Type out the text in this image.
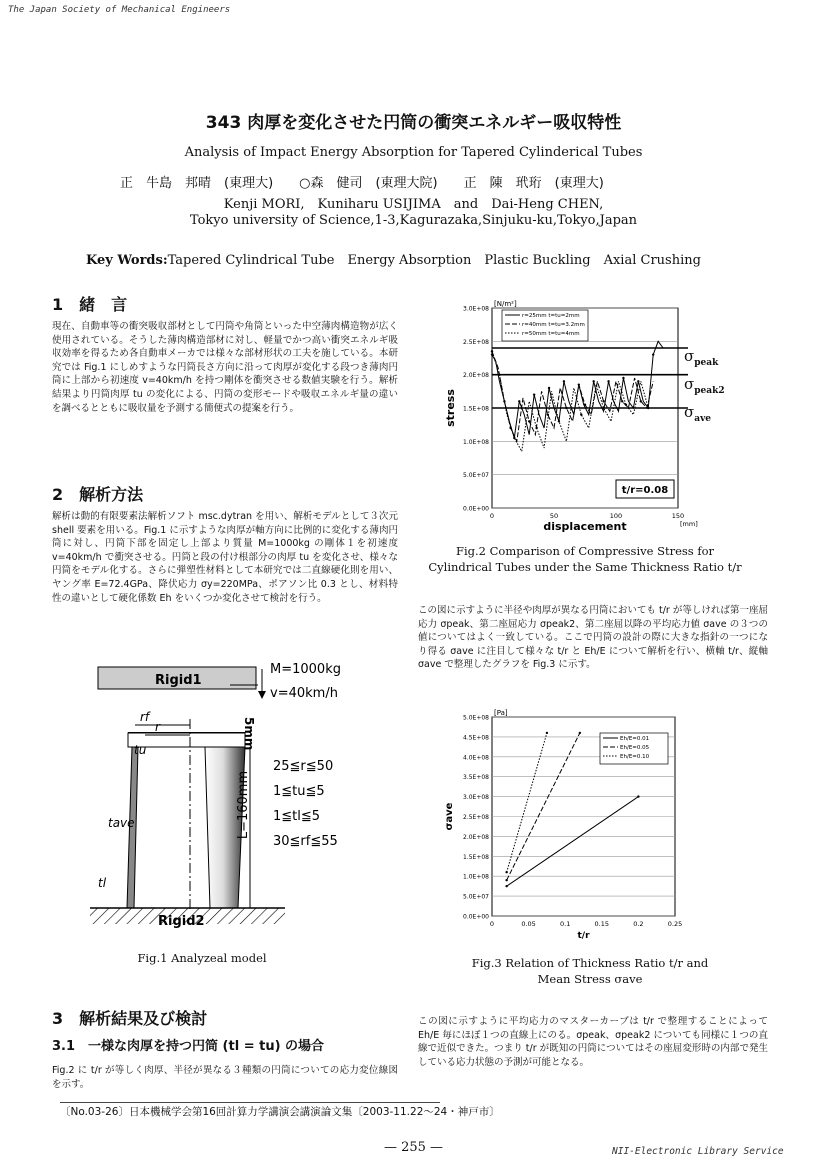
The Japan Society of Mechanical Engineers
343 肉厚を変化させた円筒の衝突エネルギー吸収特性
Analysis of Impact Energy Absorption for Tapered Cylinderical Tubes
正　牛島　邦晴　(東理大)　　○森　健司　(東理大院)　　正　陳　玳珩　(東理大)
Kenji MORI,　Kuniharu USIJIMA　and　Dai-Heng CHEN,
Tokyo university of Science,1-3,Kagurazaka,Sinjuku-ku,Tokyo,Japan
Key Words:Tapered Cylindrical Tube　Energy Absorption　Plastic Buckling　Axial Crushing
1　緒　言
現在、自動車等の衝突吸収部材として円筒や角筒といった中空薄肉構造物が広く使用されている。そうした薄肉構造部材に対し、軽量でかつ高い衝突エネルギ吸収効率を得るため各自動車メーカでは様々な部材形状の工夫を施している。本研究では Fig.1 にしめすような円筒長さ方向に沿って肉厚が変化する段つき薄肉円筒に上部から初速度 v=40km/h を持つ剛体を衝突させる数値実験を行う。解析結果より円筒肉厚 tu の変化による、円筒の変形モードや吸収エネルギ量の違いを調べるとともに吸収量を予測する簡便式の提案を行う。
2　解析方法
解析は動的有限要素法解析ソフト msc.dytran を用い、解析モデルとして３次元 shell 要素を用いる。Fig.1 に示すような肉厚が軸方向に比例的に変化する薄肉円筒に対し、円筒下部を固定し上部より質量 M=1000kg の剛体１を初速度 v=40km/h で衝突させる。円筒と段の付け根部分の肉厚 tu を変化させ、様々な円筒をモデル化する。さらに弾塑性材料として本研究では二直線硬化則を用い、ヤング率 E=72.4GPa、降伏応力 σy=220MPa、ポアソン比 0.3 とし、材料特性の違いとして硬化係数 Eh をいくつか変化させて検討を行う。
Rigid1
M=1000kg
v=40km/h
rf
r
tu	5mm
L=160mm
tave
tl
25≦r≦50
1≦tu≦5
1≦tl≦5
30≦rf≦55
Rigid2
Fig.1 Analyzeal model
3　解析結果及び検討
3.1　一様な肉厚を持つ円筒 (tl = tu) の場合
Fig.2 に t/r が等しく肉厚、半径が異なる３種類の円筒についての応力変位線図を示す。
0.0E+00
5.0E+07
1.0E+08
1.5E+08
2.0E+08
2.5E+08
3.0E+08
0	50	100	150
displacement
stress
[N/m²]
[mm]
r=25mm t=tu=2mm
r=40mm t=tu=3.2mm
r=50mm t=tu=4mm
t/r=0.08
$\sigma_{peak}$
$\sigma_{peak2}$
$\sigma_{ave}$
Fig.2 Comparison of Compressive Stress for
Cylindrical Tubes under the Same Thickness Ratio t/r
この図に示すように半径や肉厚が異なる円筒においても t/r が等しければ第一座屈応力 σpeak、第二座屈応力 σpeak2、第二座屈以降の平均応力値 σave の３つの値についてはよく一致している。ここで円筒の設計の際に大きな指針の一つになり得る σave に注目して様々な t/r と Eh/E について解析を行い、横軸 t/r、縦軸 σave で整理したグラフを Fig.3 に示す。
0.0E+00
5.0E+07
1.0E+08
1.5E+08
2.0E+08
2.5E+08
3.0E+08
3.5E+08
4.0E+08
4.5E+08
5.0E+08
0	0.05	0.1	0.15	0.2	0.25
t/r
σave
[Pa]
Eh/E=0.01
Eh/E=0.05
Eh/E=0.10
Fig.3 Relation of Thickness Ratio t/r and
Mean Stress σave
この図に示すように平均応力のマスターカーブは t/r で整理することによって Eh/E 毎にほぼ１つの直線上にのる。σpeak、σpeak2 についても同様に１つの直線で近似できた。つまり t/r が既知の円筒についてはその座屈変形時の内部で発生している応力状態の予測が可能となる。
〔No.03-26〕日本機械学会第16回計算力学講演会講演論文集〔2003-11.22〜24・神戸市〕
— 255 —	NII-Electronic Library Service
